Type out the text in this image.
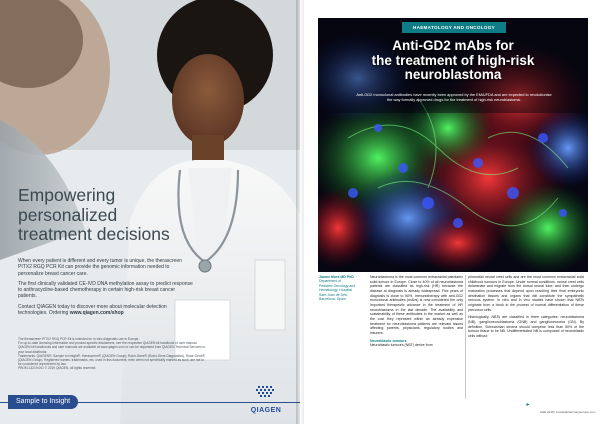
Empowering
personalized
treatment decisions

When every patient is different and every tumor is unique, the therascreen PITX2 RGQ PCR Kit can provide the genomic information needed to personalize breast cancer care.

The first clinically validated CE-IVD DNA methylation assay to predict response to anthracycline-based chemotherapy in certain high-risk breast cancer patients.

Contact QIAGEN today to discover more about molecular detection technologies. Ordering www.qiagen.com/shop

The therascreen PITX2 RGQ PCR Kit is intended for in vitro diagnostic use in Europe.

For up-to-date licensing information and product-specific disclaimers, see the respective QIAGEN kit handbook or user manual. QIAGEN kit handbooks and user manuals are available at www.qiagen.com or can be requested from QIAGEN Technical Services or your local distributor.

Trademarks: QIAGEN®, Sample to Insight®, therascreen® (QIAGEN Group); Rotor-Gene® (Rotor-Gene Diagnostics). Rotor-Gene® (QIAGEN Group). Registered names, trademarks, etc. used in this document, even when not specifically marked as such, are not to be considered unprotected by law.

PROM-13219-001 © 2019 QIAGEN, all rights reserved.

Sample to Insight
QIAGEN
HAEMATOLOGY AND ONCOLOGY
Anti-GD2 mAbs for
the treatment of high-risk
neuroblastoma

Anti-GD2 monoclonal antibodies have recently been approved by the EMA/FDA and are expected to revolutionise the way formally approved drugs for the treatment of high-risk neuroblastoma.

Jaume Mora MD PhD

Department of

Pediatric Oncology and

Hematology, Hospital

Sant Joan de Déu,

Barcelona, Spain

Neuroblastoma is the most common extracranial paediatric solid tumour in Europe. Close to 40% of all neuroblastoma patients are classified as high-risk (HR) because the disease at diagnosis is already widespread. Five years of diagnosis is close to 50%. Immunotherapy with anti-GD2 monoclonal antibodies (mAbs) is now considered the only important therapeutic advance in the treatment of HR neuroblastoma in the last decade. The availability and sustainability of these antibodies in the market as well as the cost they represent within an already expensive treatment for neuroblastoma patients are relevant issues affecting parents, physicians, regulatory bodies and insurers.

Neuroblastic tumours

Neuroblastic tumours (NBT) derive from

primordial neural crest cells and are the most common extracranial solid childhood tumours in Europe. Under normal conditions, neural crest cells delaminate and migrate from the dorsal neural tube, and then undergo maturation processes that depend upon reaching their final embryonic destination tissues and organs that will constitute the sympathetic nervous system. In vitro and in vivo studies have shown that NBTs originate from a block in the process of normal differentiation of these precursor cells.

Histologically, NBTs are classified in three categories: neuroblastoma (NB), ganglioneuroblastoma (GNB) and ganglioneuroma (GN). By definition, Schwannian stroma should comprise less than 50% of the tumour tissue to be NB. Undifferentiated NB is composed of neuroblastic cells without

▸
AHE 2019 | hospitalpharmacyeurope.com
